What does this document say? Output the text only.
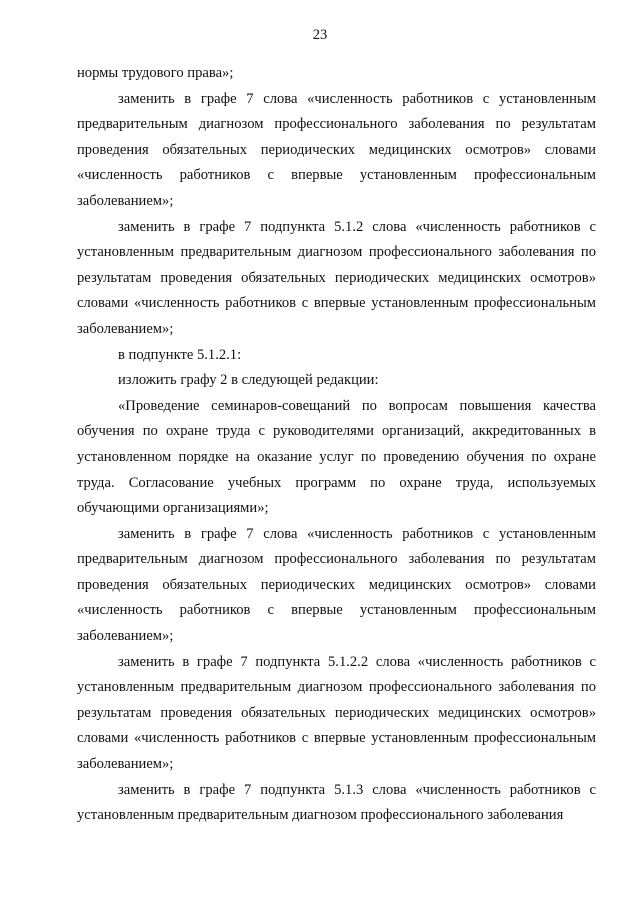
23

нормы трудового права»;

заменить в графе 7 слова «численность работников с установленным предварительным диагнозом профессионального заболевания по результатам проведения обязательных периодических медицинских осмотров» словами «численность работников с впервые установленным профессиональным заболеванием»;

заменить в графе 7 подпункта 5.1.2 слова «численность работников с установленным предварительным диагнозом профессионального заболевания по результатам проведения обязательных периодических медицинских осмотров» словами «численность работников с впервые установленным профессиональным заболеванием»;

в подпункте 5.1.2.1:

изложить графу 2 в следующей редакции:

«Проведение семинаров-совещаний по вопросам повышения качества обучения по охране труда с руководителями организаций, аккредитованных в установленном порядке на оказание услуг по проведению обучения по охране труда. Согласование учебных программ по охране труда, используемых обучающими организациями»;

заменить в графе 7 слова «численность работников с установленным предварительным диагнозом профессионального заболевания по результатам проведения обязательных периодических медицинских осмотров» словами «численность работников с впервые установленным профессиональным заболеванием»;

заменить в графе 7 подпункта 5.1.2.2 слова «численность работников с установленным предварительным диагнозом профессионального заболевания по результатам проведения обязательных периодических медицинских осмотров» словами «численность работников с впервые установленным профессиональным заболеванием»;

заменить в графе 7 подпункта 5.1.3 слова «численность работников с установленным предварительным диагнозом профессионального заболевания
